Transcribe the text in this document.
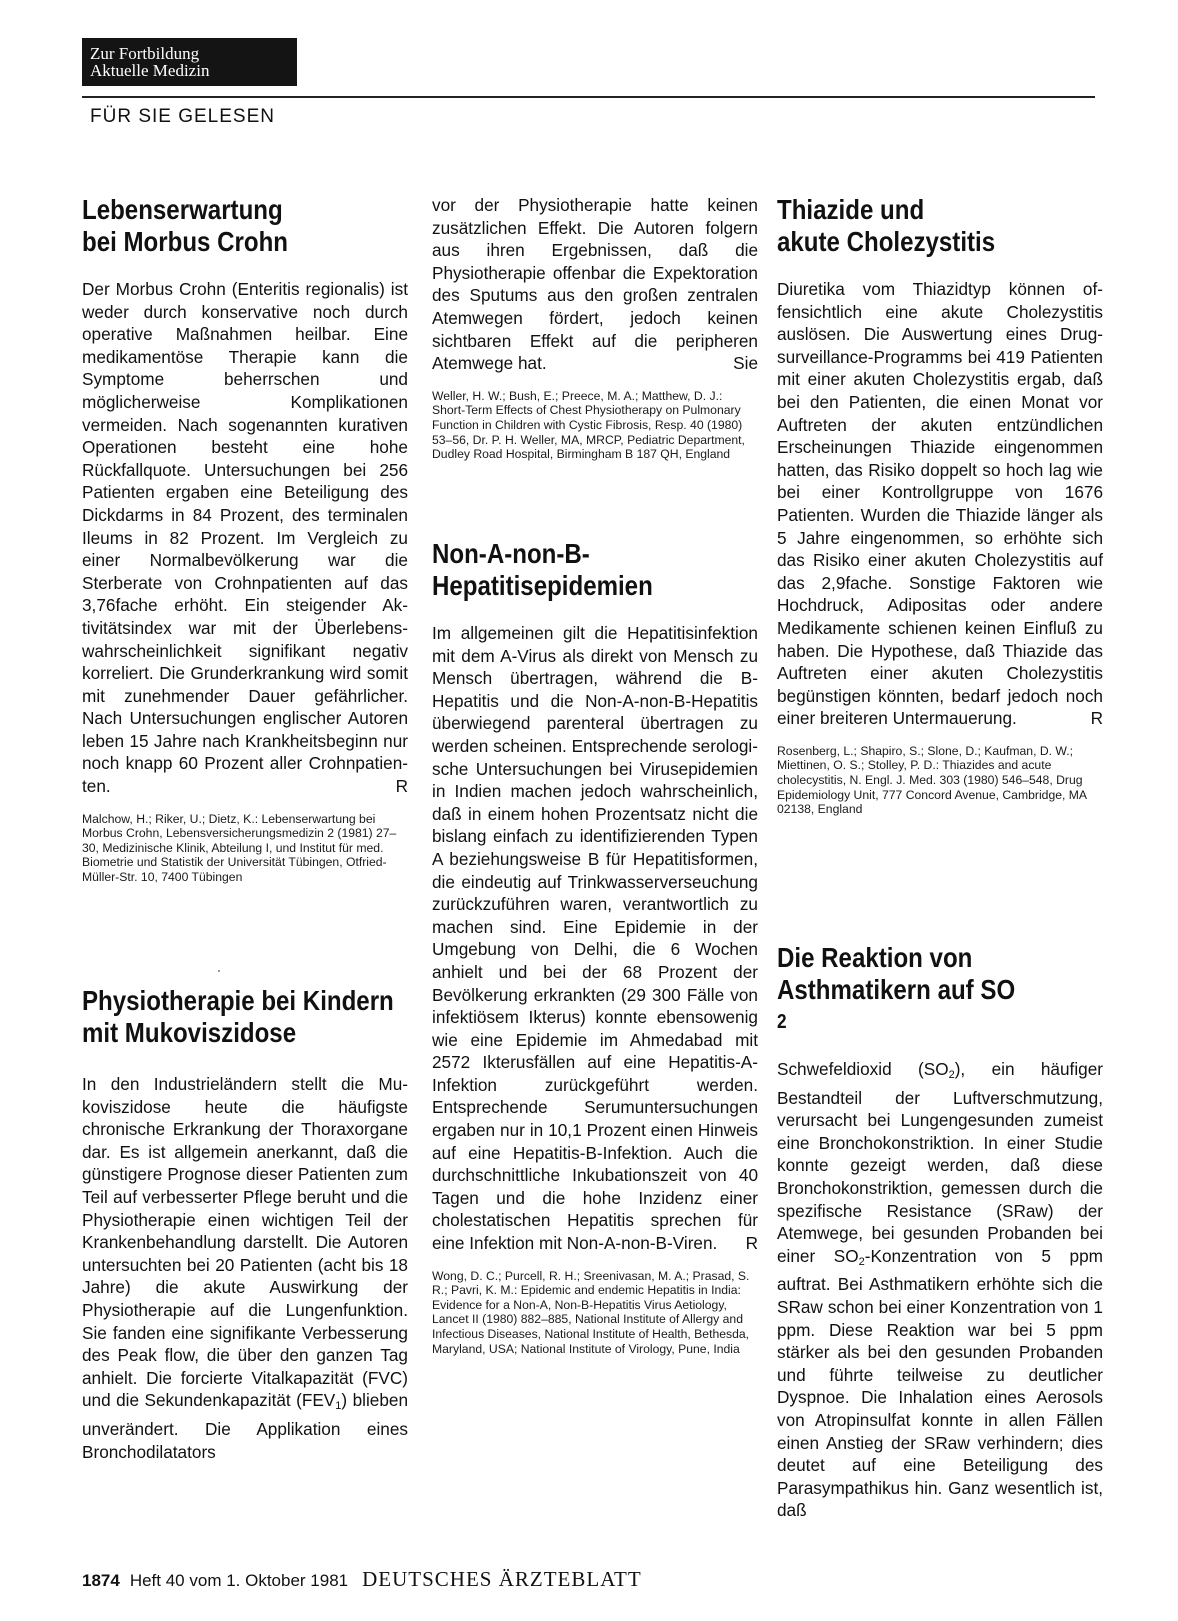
Zur Fortbildung
Aktuelle Medizin
FÜR SIE GELESEN
Lebenserwartung
bei Morbus Crohn
Der Morbus Crohn (Enteritis regionalis) ist weder durch konservative noch durch operative Maßnahmen heilbar. Eine medikamentöse Therapie kann die Symptome beherrschen und möglicherweise Komplikationen vermeiden. Nach sogenannten kurativen Operationen besteht eine hohe Rückfallquote. Untersuchungen bei 256 Patienten ergaben eine Beteiligung des Dickdarms in 84 Prozent, des terminalen Ileums in 82 Prozent. Im Vergleich zu einer Normalbevölkerung war die Sterberate von Crohnpatienten auf das 3,76fache erhöht. Ein steigender Aktivitätsindex war mit der Überlebenswahrscheinlichkeit signifikant negativ korreliert. Die Grunderkrankung wird somit mit zunehmender Dauer gefährlicher. Nach Untersuchungen englischer Autoren leben 15 Jahre nach Krankheitsbeginn nur noch knapp 60 Prozent aller Crohnpatienten.	R
Malchow, H.; Riker, U.; Dietz, K.: Lebenserwartung bei Morbus Crohn, Lebensversicherungsmedizin 2 (1981) 27–30, Medizinische Klinik, Abteilung I, und Institut für med. Biometrie und Statistik der Universität Tübingen, Otfried-Müller-Str. 10, 7400 Tübingen
Physiotherapie bei Kindern
mit Mukoviszidose
In den Industrieländern stellt die Mukoviszidose heute die häufigste chronische Erkrankung der Thoraxorgane dar. Es ist allgemein anerkannt, daß die günstigere Prognose dieser Patienten zum Teil auf verbesserter Pflege beruht und die Physiotherapie einen wichtigen Teil der Krankenbehandlung darstellt. Die Autoren untersuchten bei 20 Patienten (acht bis 18 Jahre) die akute Auswirkung der Physiotherapie auf die Lungenfunktion. Sie fanden eine signifikante Verbesserung des Peak flow, die über den ganzen Tag anhielt. Die forcierte Vitalkapazität (FVC) und die Sekundenkapazität $(FEV_1)$ blieben unverändert. Die Applikation eines Bronchodilatators
vor der Physiotherapie hatte keinen zusätzlichen Effekt. Die Autoren folgern aus ihren Ergebnissen, daß die Physiotherapie offenbar die Expektoration des Sputums aus den großen zentralen Atemwegen fördert, jedoch keinen sichtbaren Effekt auf die peripheren Atemwege hat.	Sie
Weller, H. W.; Bush, E.; Preece, M. A.; Matthew, D. J.: Short-Term Effects of Chest Physiotherapy on Pulmonary Function in Children with Cystic Fibrosis, Resp. 40 (1980) 53–56, Dr. P. H. Weller, MA, MRCP, Pediatric Department, Dudley Road Hospital, Birmingham B 187 QH, England
Non-A-non-B-
Hepatitisepidemien
Im allgemeinen gilt die Hepatitisinfektion mit dem A-Virus als direkt von Mensch zu Mensch übertragen, während die B-Hepatitis und die Non-A-non-B-Hepatitis überwiegend parenteral übertragen zu werden scheinen. Entsprechende serologische Untersuchungen bei Virusepidemien in Indien machen jedoch wahrscheinlich, daß in einem hohen Prozentsatz nicht die bislang einfach zu identifizierenden Typen A beziehungsweise B für Hepatitisformen, die eindeutig auf Trinkwasserverseuchung zurückzuführen waren, verantwortlich zu machen sind. Eine Epidemie in der Umgebung von Delhi, die 6 Wochen anhielt und bei der 68 Prozent der Bevölkerung erkrankten (29 300 Fälle von infektiösem Ikterus) konnte ebensowenig wie eine Epidemie im Ahmedabad mit 2572 Ikterusfällen auf eine Hepatitis-A-Infektion zurückgeführt werden. Entsprechende Serumuntersuchungen ergaben nur in 10,1 Prozent einen Hinweis auf eine Hepatitis-B-Infektion. Auch die durchschnittliche Inkubationszeit von 40 Tagen und die hohe Inzidenz einer cholestatischen Hepatitis sprechen für eine Infektion mit Non-A-non-B-Viren. R
Wong, D. C.; Purcell, R. H.; Sreenivasan, M. A.; Prasad, S. R.; Pavri, K. M.: Epidemic and endemic Hepatitis in India: Evidence for a Non-A, Non-B-Hepatitis Virus Aetiology, Lancet II (1980) 882–885, National Institute of Allergy and Infectious Diseases, National Institute of Health, Bethesda, Maryland, USA; National Institute of Virology, Pune, India
Thiazide und
akute Cholezystitis
Diuretika vom Thiazidtyp können offensichtlich eine akute Cholezystitis auslösen. Die Auswertung eines Drug-surveillance-Programms bei 419 Patienten mit einer akuten Cholezystitis ergab, daß bei den Patienten, die einen Monat vor Auftreten der akuten entzündlichen Erscheinungen Thiazide eingenommen hatten, das Risiko doppelt so hoch lag wie bei einer Kontrollgruppe von 1676 Patienten. Wurden die Thiazide länger als 5 Jahre eingenommen, so erhöhte sich das Risiko einer akuten Cholezystitis auf das 2,9fache. Sonstige Faktoren wie Hochdruck, Adipositas oder andere Medikamente schienen keinen Einfluß zu haben. Die Hypothese, daß Thiazide das Auftreten einer akuten Cholezystitis begünstigen könnten, bedarf jedoch noch einer breiteren Untermauerung.	R
Rosenberg, L.; Shapiro, S.; Slone, D.; Kaufman, D. W.; Miettinen, O. S.; Stolley, P. D.: Thiazides and acute cholecystitis, N. Engl. J. Med. 303 (1980) 546–548, Drug Epidemiology Unit, 777 Concord Avenue, Cambridge, MA 02138, England
Die Reaktion von
Asthmatikern auf SO
2
Schwefeldioxid $(SO_2)$, ein häufiger Bestandteil der Luftverschmutzung, verursacht bei Lungengesunden zumeist eine Bronchokonstriktion. In einer Studie konnte gezeigt werden, daß diese Bronchokonstriktion, gemessen durch die spezifische Resistance (SRaw) der Atemwege, bei gesunden Probanden bei einer $SO_2$-Konzentration von 5 ppm auftrat. Bei Asthmatikern erhöhte sich die SRaw schon bei einer Konzentration von 1 ppm. Diese Reaktion war bei 5 ppm stärker als bei den gesunden Probanden und führte teilweise zu deutlicher Dyspnoe. Die Inhalation eines Aerosols von Atropinsulfat konnte in allen Fällen einen Anstieg der SRaw verhindern; dies deutet auf eine Beteiligung des Parasympathikus hin. Ganz wesentlich ist, daß
1874 Heft 40 vom 1. Oktober 1981 DEUTSCHES ÄRZTEBLATT
